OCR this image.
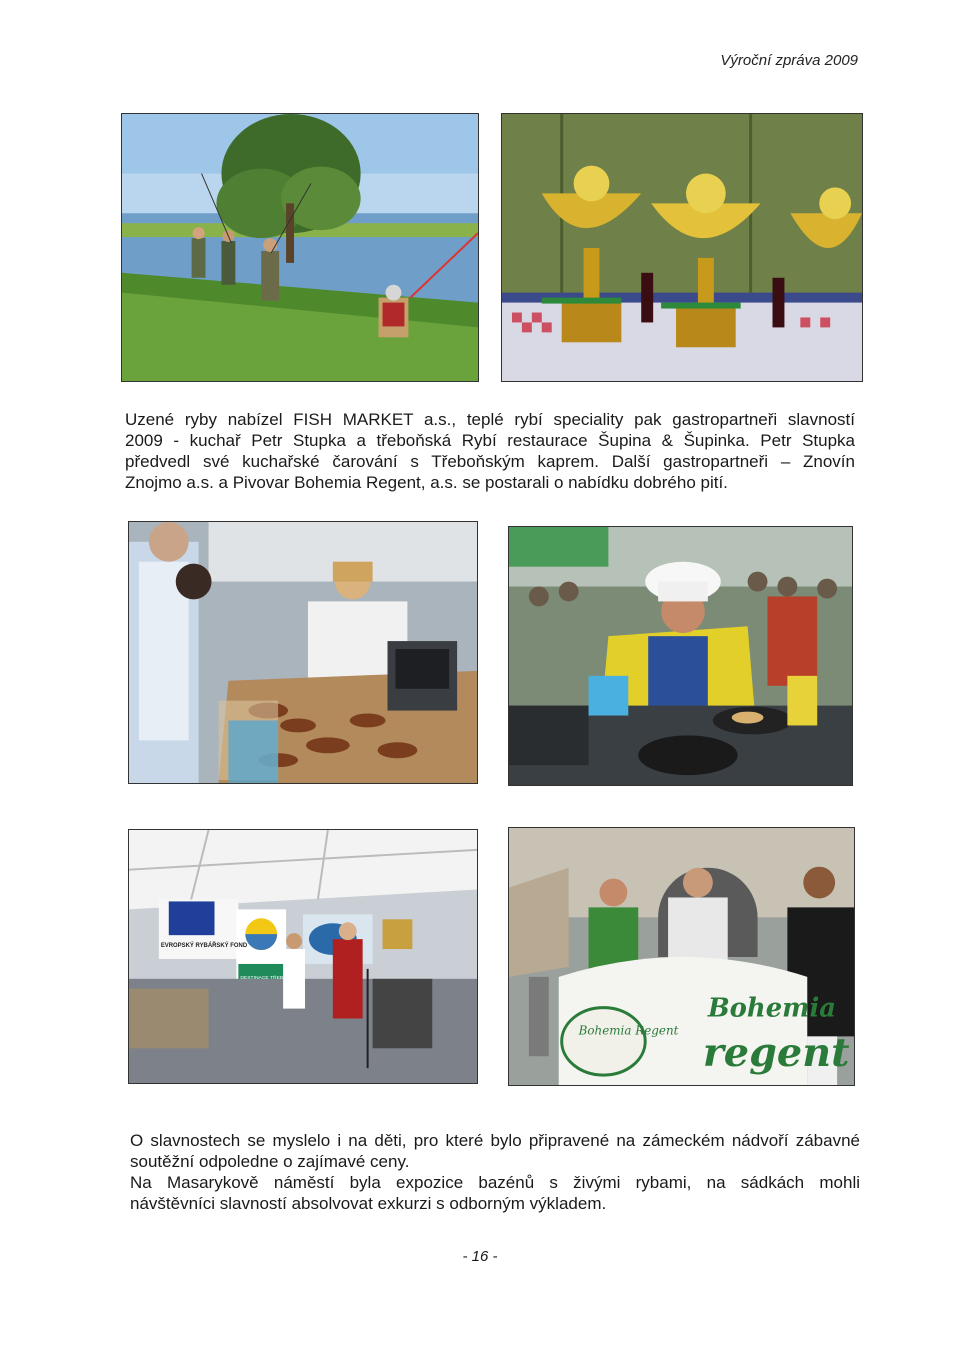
Výroční zpráva 2009

Uzené ryby nabízel FISH MARKET a.s., teplé rybí speciality pak gastropartneři slavností

2009 - kuchař Petr Stupka a třeboňská Rybí restaurace Šupina & Šupinka. Petr Stupka

předvedl své kuchařské čarování s Třeboňským kaprem. Další gastropartneři – Znovín

Znojmo a.s. a Pivovar Bohemia Regent, a.s. se postarali o nabídku dobrého pití.

EVROPSKÝ RYBÁŘSKÝ FOND
DESTINACE TŘEBOŇSKO
Bohemia Regent
Bohemia
regent

O slavnostech se myslelo i na děti, pro které bylo připravené na zámeckém nádvoří zábavné

soutěžní odpoledne o zajímavé ceny.

Na Masarykově náměstí byla expozice bazénů s živými rybami, na sádkách mohli

návštěvníci slavností absolvovat exkurzi s odborným výkladem.

- 16 -
